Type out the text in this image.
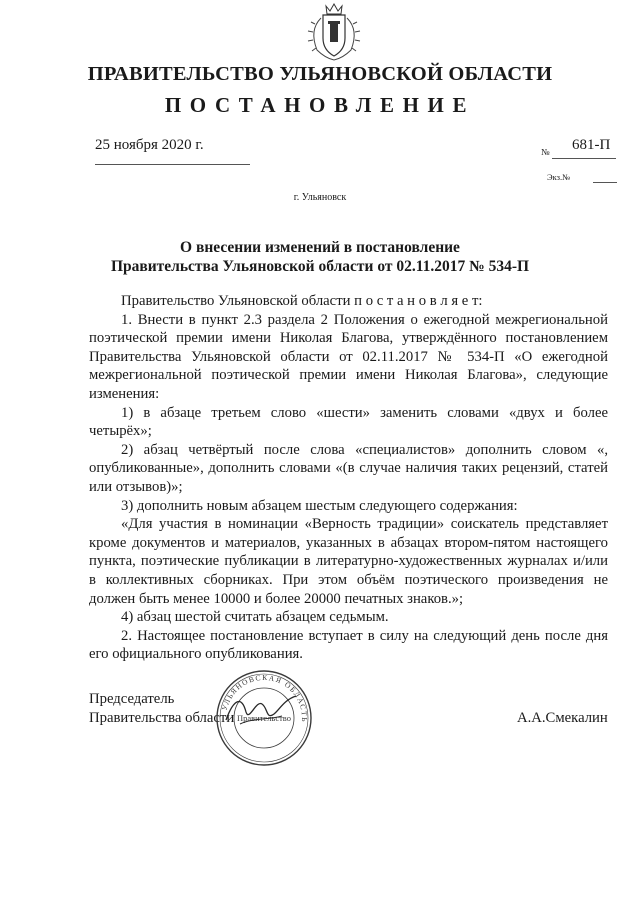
ПРАВИТЕЛЬСТВО УЛЬЯНОВСКОЙ ОБЛАСТИ
ПОСТАНОВЛЕНИЕ
25 ноября 2020 г.	№ 681-П
Экз.№
г. Ульяновск
О внесении изменений в постановление
Правительства Ульяновской области от 02.11.2017 № 534-П

Правительство Ульяновской области п о с т а н о в л я е т:

1. Внести в пункт 2.3 раздела 2 Положения о ежегодной межрегиональной поэтической премии имени Николая Благова, утверждённого постановлением Правительства Ульяновской области от 02.11.2017 № 534-П «О ежегодной межрегиональной поэтической премии имени Николая Благова», следующие изменения:

1) в абзаце третьем слово «шести» заменить словами «двух и более четырёх»;

2) абзац четвёртый после слова «специалистов» дополнить словом «, опубликованные», дополнить словами «(в случае наличия таких рецензий, статей или отзывов)»;

3) дополнить новым абзацем шестым следующего содержания:

«Для участия в номинации «Верность традиции» соискатель представляет кроме документов и материалов, указанных в абзацах втором-пятом настоящего пункта, поэтические публикации в литературно-художественных журналах и/или в коллективных сборниках. При этом объём поэтического произведения не должен быть менее 10000 и более 20000 печатных знаков.»;

4) абзац шестой считать абзацем седьмым.

2. Настоящее постановление вступает в силу на следующий день после дня его официального опубликования.

Председатель
Правительства области	А.А.Смекалин
УЛЬЯНОВСКАЯ ОБЛАСТЬ
Правительство
